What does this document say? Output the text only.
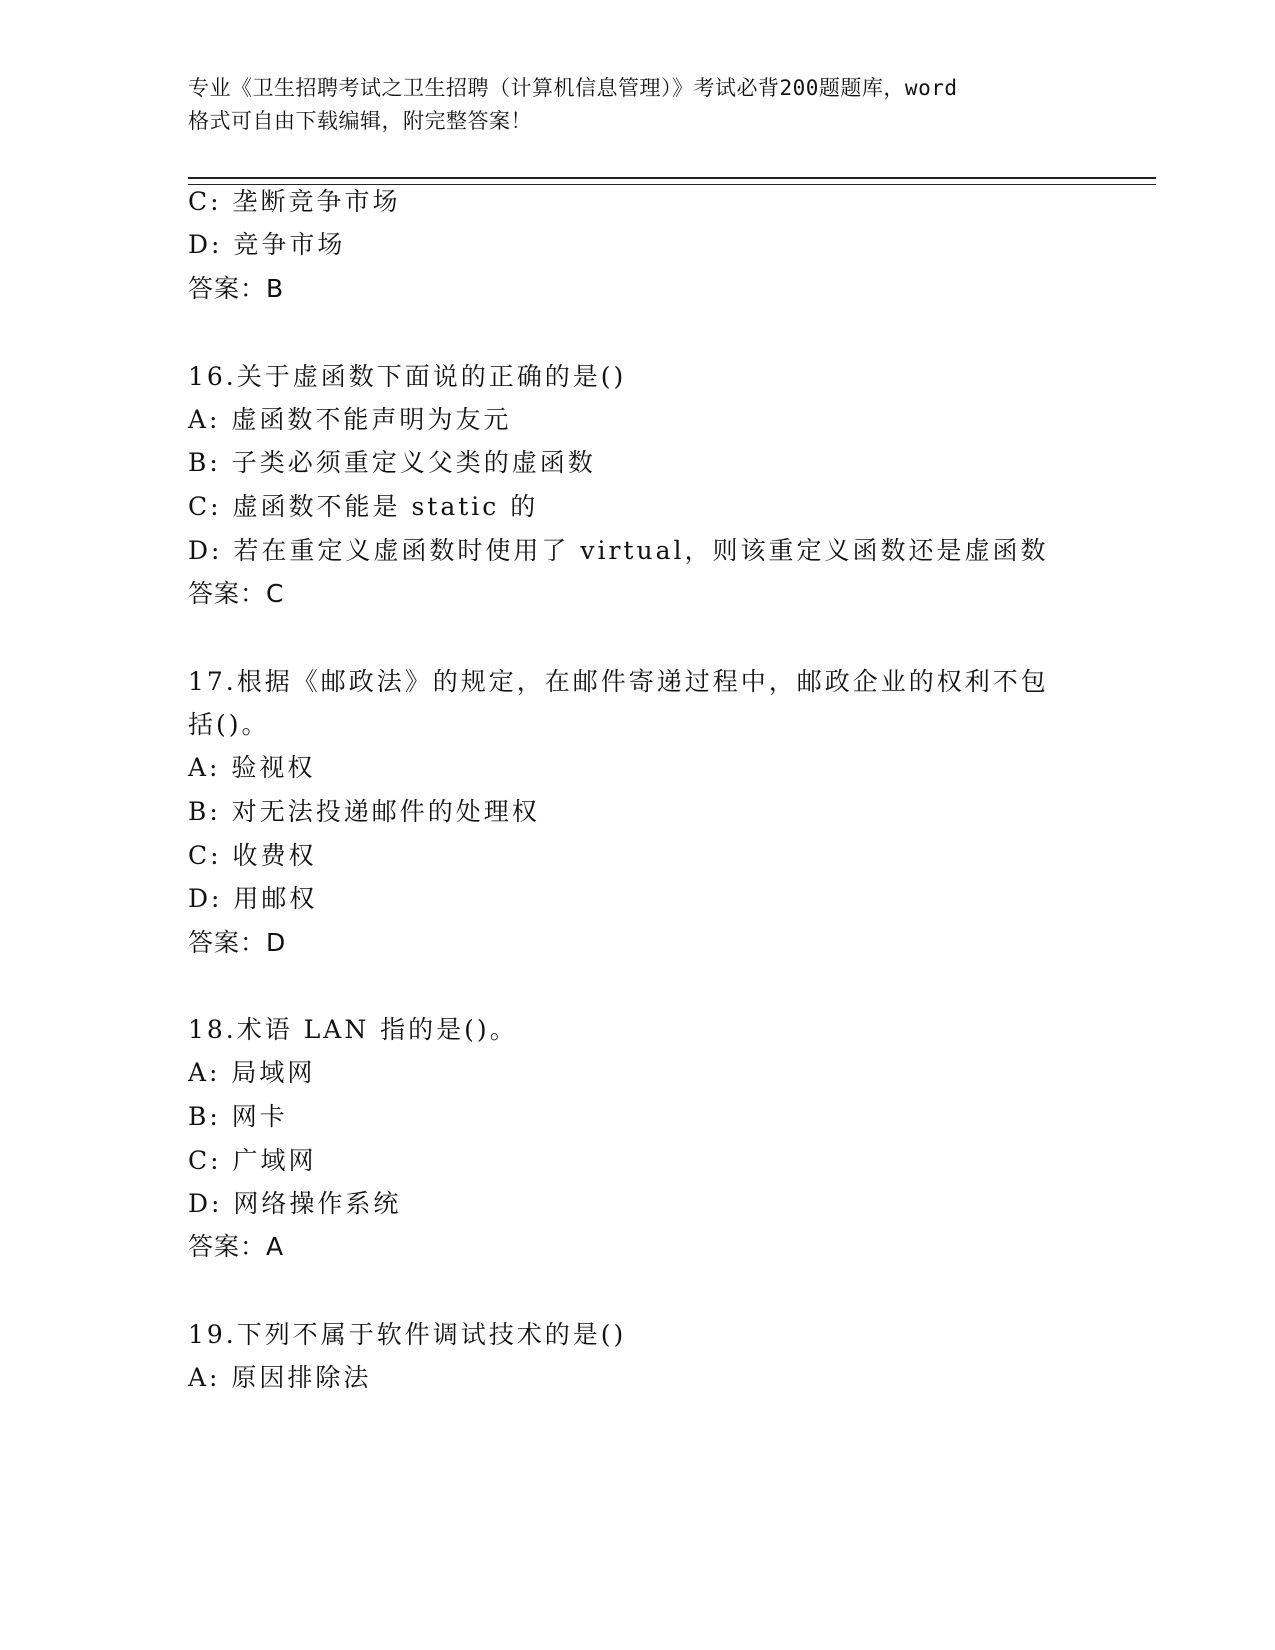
专业《卫生招聘考试之卫生招聘（计算机信息管理）》考试必背200题题库，word
格式可自由下载编辑，附完整答案！
C: 垄断竞争市场
D: 竞争市场
答案：B
16.关于虚函数下面说的正确的是()
A: 虚函数不能声明为友元
B: 子类必须重定义父类的虚函数
C: 虚函数不能是 static 的
D: 若在重定义虚函数时使用了 virtual，则该重定义函数还是虚函数
答案：C
17.根据《邮政法》的规定，在邮件寄递过程中，邮政企业的权利不包
括()。
A: 验视权
B: 对无法投递邮件的处理权
C: 收费权
D: 用邮权
答案：D
18.术语 LAN 指的是()。
A: 局域网
B: 网卡
C: 广域网
D: 网络操作系统
答案：A
19.下列不属于软件调试技术的是()
A: 原因排除法
